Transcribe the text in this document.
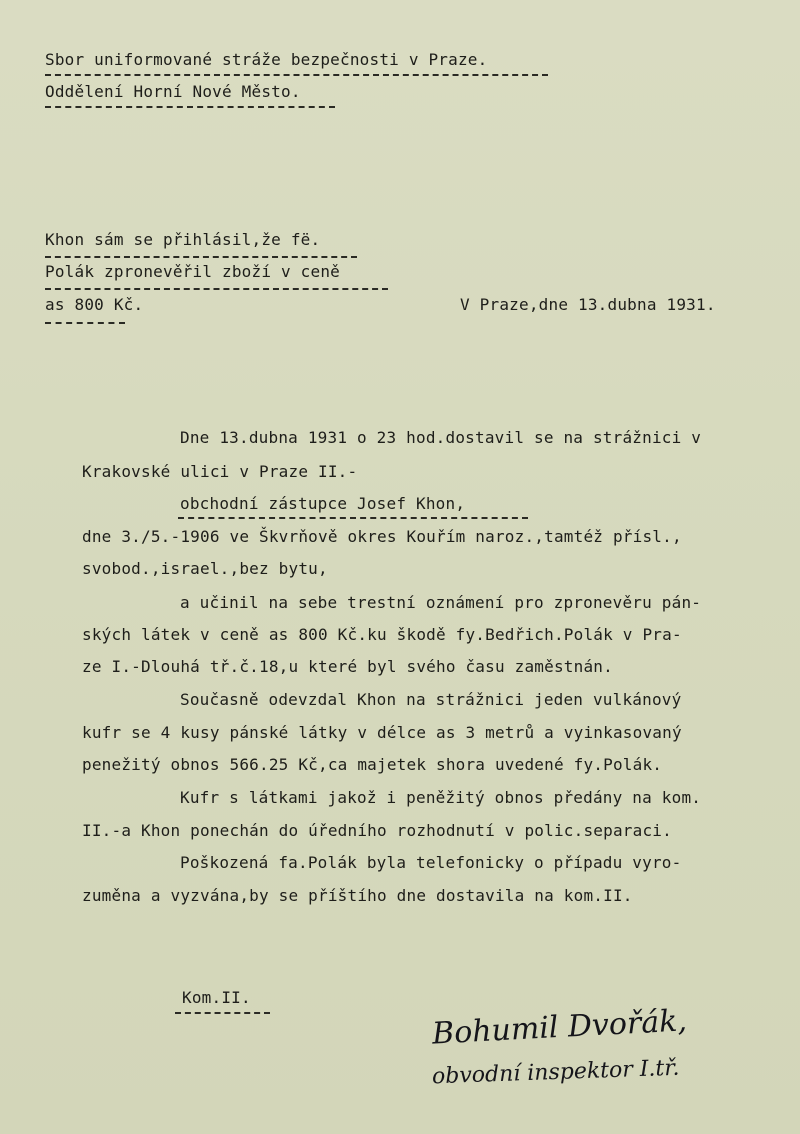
Sbor uniformované stráže bezpečnosti v Praze.
Oddělení Horní Nové Město.
Khon sám se přihlásil,že fë.
Polák zpronevěřil zboží v ceně
as 800 Kč.	V Praze,dne 13.dubna 1931.
Dne 13.dubna 1931 o 23 hod.dostavil se na strážnici v
Krakovské ulici v Praze II.-
obchodní zástupce Josef Khon,
dne 3./5.-1906 ve Škvrňově okres Kouřím naroz.,tamtéž přísl.,
svobod.,israel.,bez bytu,
a učinil na sebe trestní oznámení pro zpronevěru pán-
ských látek v ceně as 800 Kč.ku škodě fy.Bedřich.Polák v Pra-
ze I.-Dlouhá tř.č.18,u které byl svého času zaměstnán.
Současně odevzdal Khon na strážnici jeden vulkánový
kufr se 4 kusy pánské látky v délce as 3 metrů a vyinkasovaný
penežitý obnos 566.25 Kč,ca majetek shora uvedené fy.Polák.
Kufr s látkami jakož i peněžitý obnos předány na kom.
II.-a Khon ponechán do úředního rozhodnutí v polic.separaci.
Poškozená fa.Polák byla telefonicky o případu vyro-
zuměna a vyzvána,by se příštího dne dostavila na kom.II.
Kom.II.
Bohumil Dvořák,
obvodní inspektor I.tř.
